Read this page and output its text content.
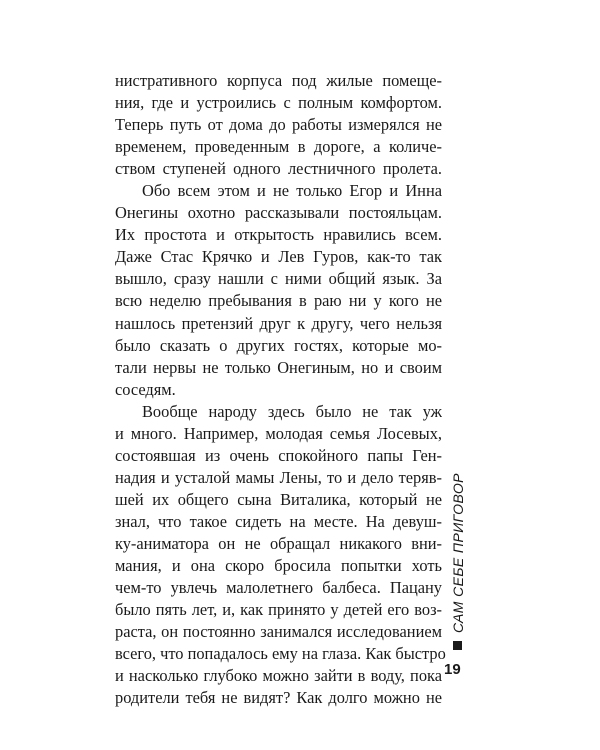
нистративного корпуса под жилые помеще-
ния, где и устроились с полным комфортом.
Теперь путь от дома до работы измерялся не
временем, проведенным в дороге, а количе-
ством ступеней одного лестничного пролета.
Обо всем этом и не только Егор и Инна
Онегины охотно рассказывали постояльцам.
Их простота и открытость нравились всем.
Даже Стас Крячко и Лев Гуров, как-то так
вышло, сразу нашли с ними общий язык. За
всю неделю пребывания в раю ни у кого не
нашлось претензий друг к другу, чего нельзя
было сказать о других гостях, которые мо-
тали нервы не только Онегиным, но и своим
соседям.
Вообще народу здесь было не так уж
и много. Например, молодая семья Лосевых,
состоявшая из очень спокойного папы Ген-
надия и усталой мамы Лены, то и дело теряв-
шей их общего сына Виталика, который не
знал, что такое сидеть на месте. На девуш-
ку-аниматора он не обращал никакого вни-
мания, и она скоро бросила попытки хоть
чем-то увлечь малолетнего балбеса. Пацану
было пять лет, и, как принято у детей его воз-
раста, он постоянно занимался исследованием
всего, что попадалось ему на глаза. Как быстро
и насколько глубоко можно зайти в воду, пока
родители тебя не видят? Как долго можно не
САМ СЕБЕ ПРИГОВОР
19
